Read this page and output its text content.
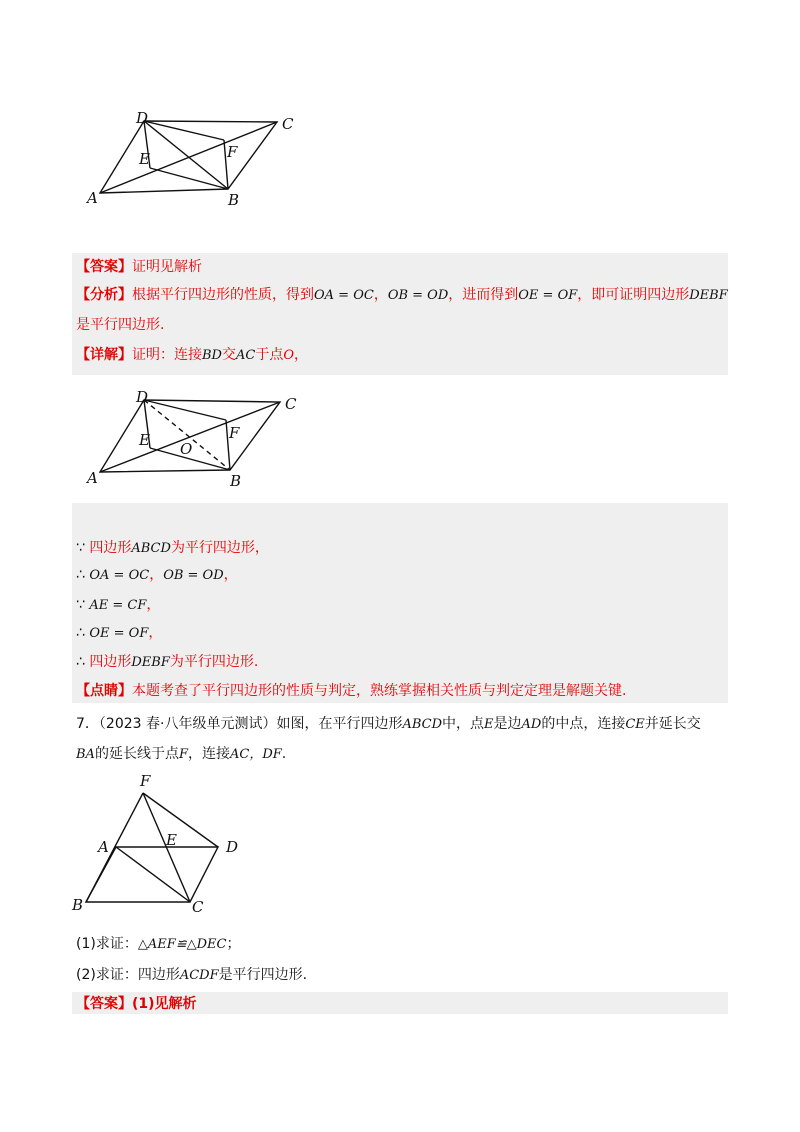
D	C
E	F
A	B
【答案】证明见解析
【分析】根据平行四边形的性质，得到OA = OC，OB = OD，进而得到OE = OF，即可证明四边形DEBF
是平行四边形.
【详解】证明：连接BD交AC于点O，
D	C
E	F
O
A	B
∵ 四边形ABCD为平行四边形，
∴ OA = OC，OB = OD，
∵ AE = CF，
∴ OE = OF，
∴ 四边形DEBF为平行四边形.
【点睛】本题考查了平行四边形的性质与判定，熟练掌握相关性质与判定定理是解题关键.
7．（2023 春·八年级单元测试）如图，在平行四边形ABCD中，点E是边AD的中点，连接CE并延长交
BA的延长线于点F，连接AC，DF.
F
A	E	D
B	C
(1)求证：△AEF≌△DEC；
(2)求证：四边形ACDF是平行四边形.
【答案】(1)见解析
